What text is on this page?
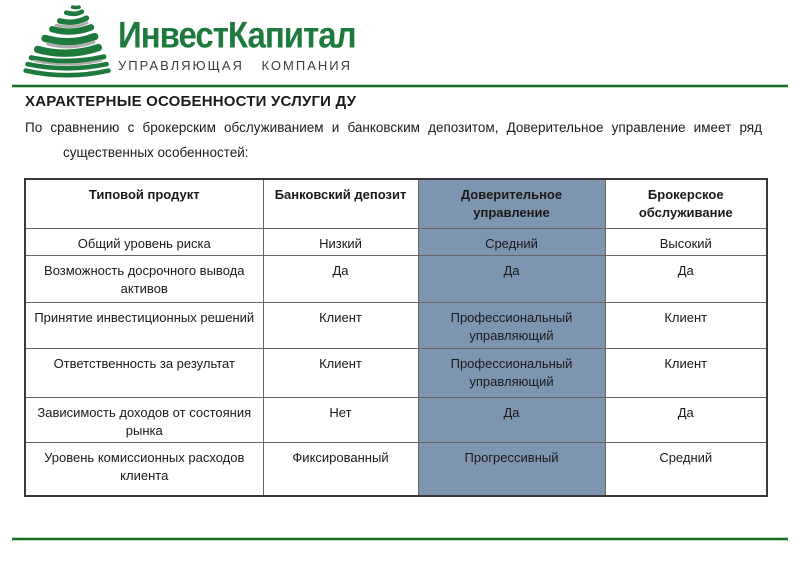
ИнвестКапитал
УПРАВЛЯЮЩАЯ КОМПАНИЯ
ХАРАКТЕРНЫЕ ОСОБЕННОСТИ УСЛУГИ ДУ
По сравнению с брокерским обслуживанием и банковским депозитом, Доверительное управление имеет ряд существенных особенностей:
Типовой продукт	Банковский депозит	Доверительное управление	Брокерское обслуживание
Общий уровень риска	Низкий	Средний	Высокий
Возможность досрочного вывода активов	Да	Да	Да
Принятие инвестиционных решений	Клиент	Профессиональный управляющий	Клиент
Ответственность за результат	Клиент	Профессиональный управляющий	Клиент
Зависимость доходов от состояния рынка	Нет	Да	Да
Уровень комиссионных расходов клиента	Фиксированный	Прогрессивный	Средний
